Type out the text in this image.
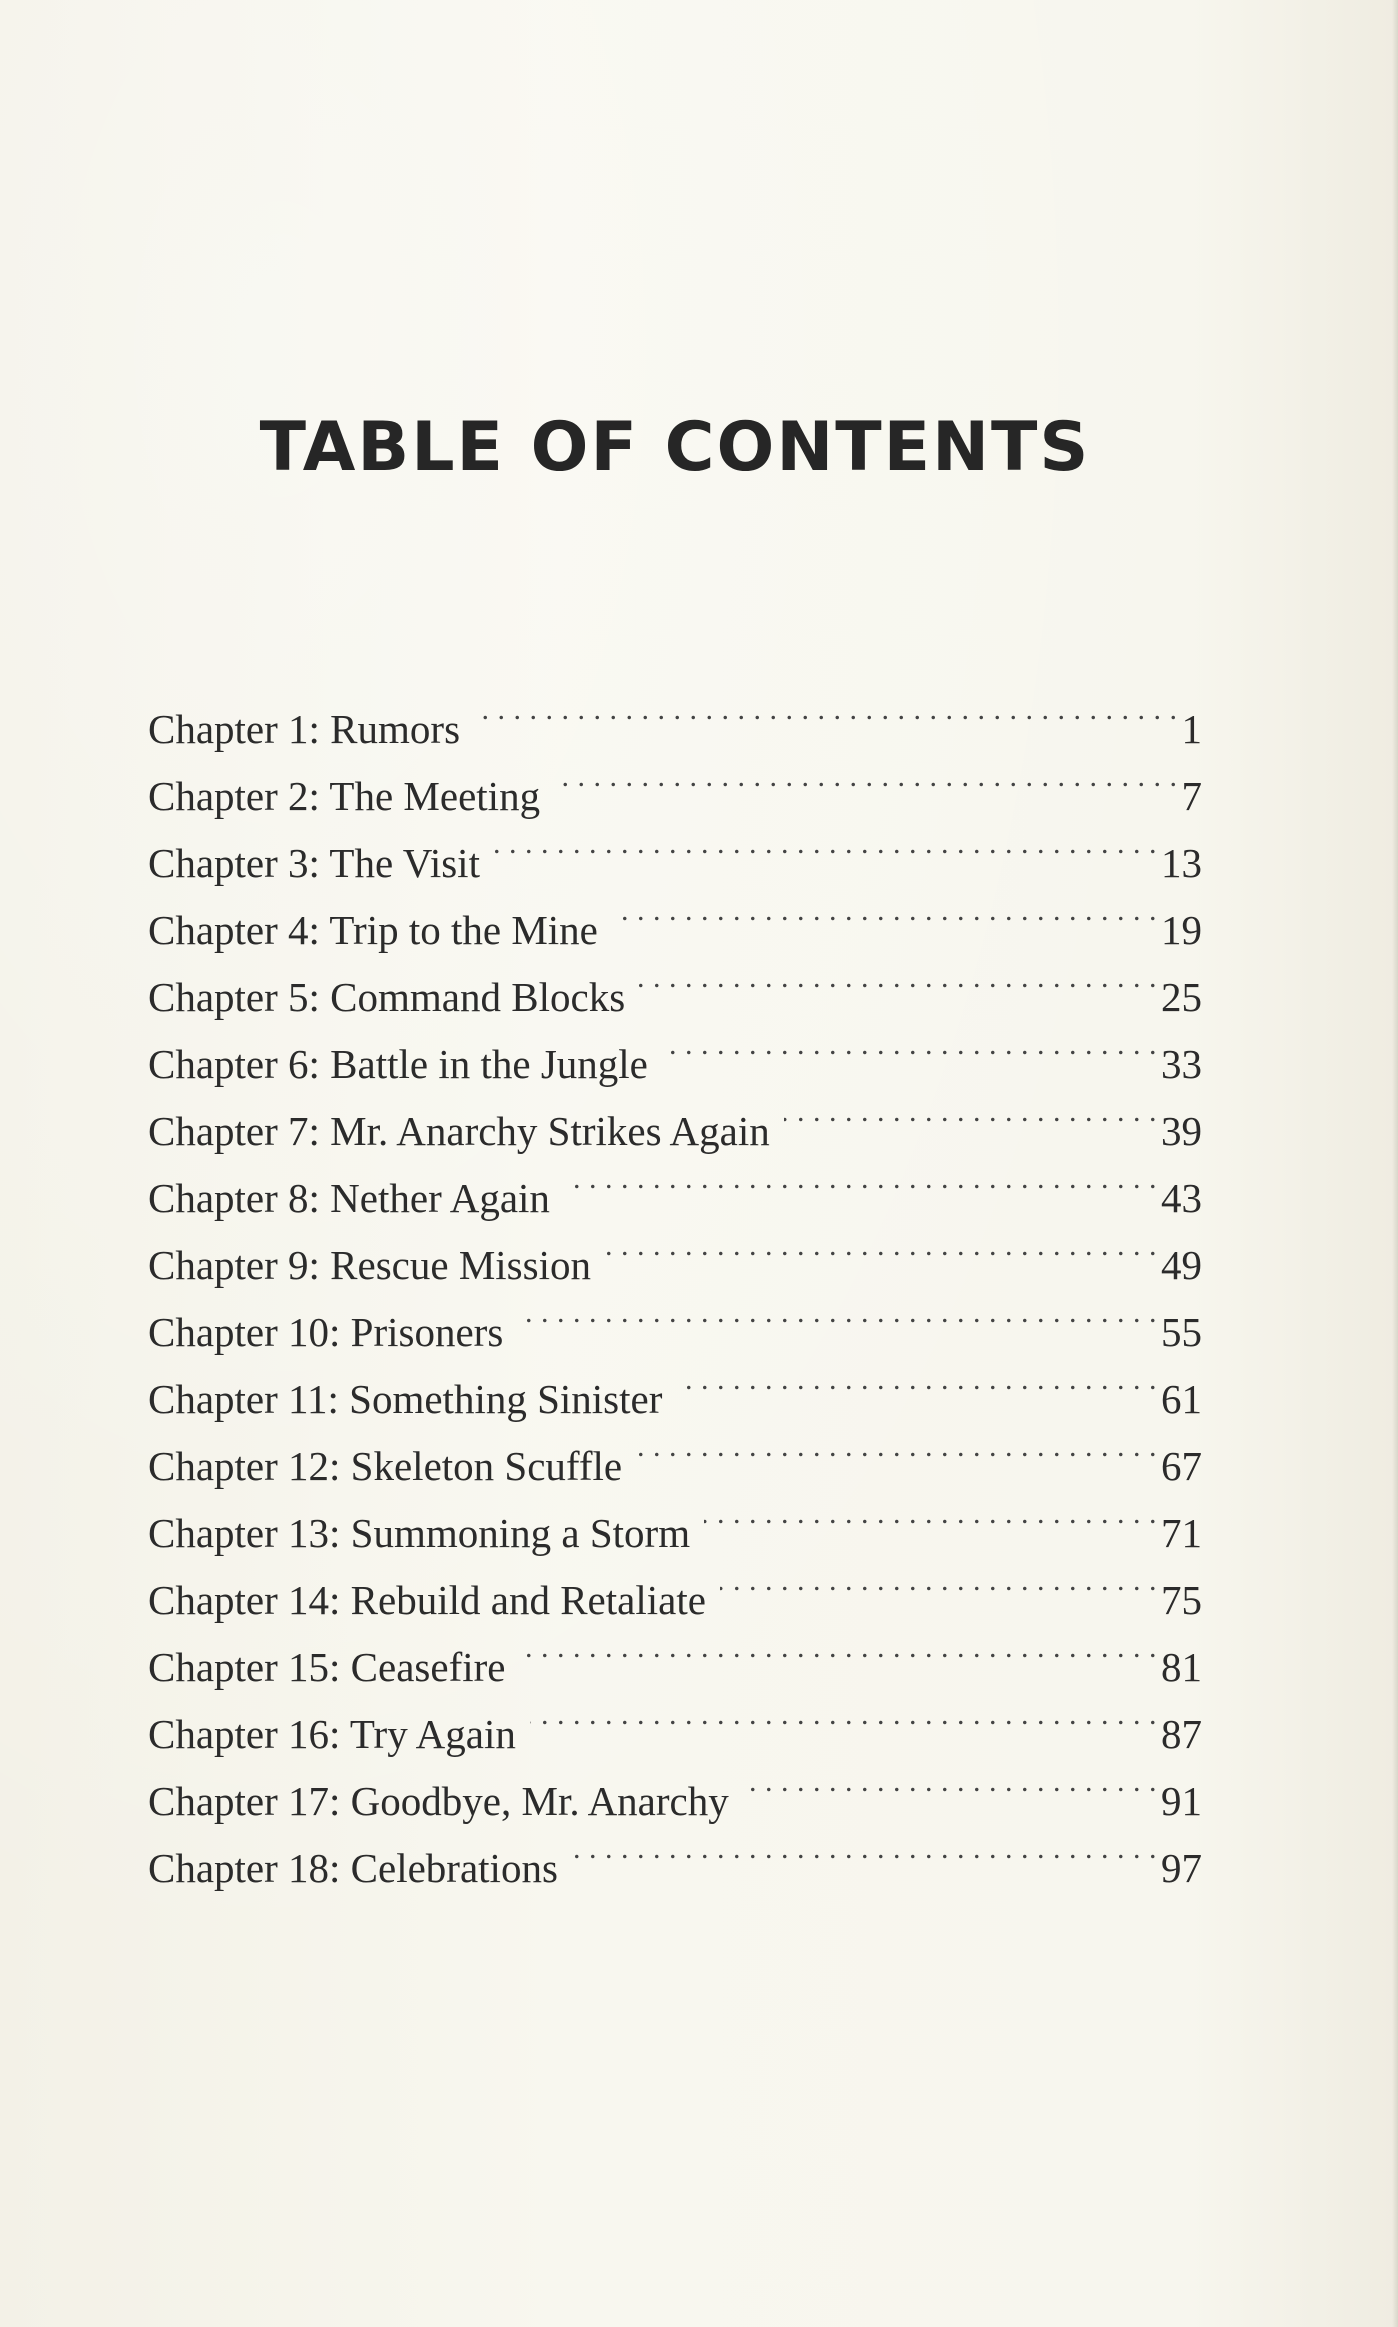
TABLE OF CONTENTS
Chapter 1: Rumors . . .	1
Chapter 2: The Meeting . . .	7
Chapter 3: The Visit . . .	13
Chapter 4: Trip to the Mine . . .	19
Chapter 5: Command Blocks . . .	25
Chapter 6: Battle in the Jungle . . .	33
Chapter 7: Mr. Anarchy Strikes Again . . .	39
Chapter 8: Nether Again . . .	43
Chapter 9: Rescue Mission . . .	49
Chapter 10: Prisoners . . .	55
Chapter 11: Something Sinister . . .	61
Chapter 12: Skeleton Scuffle . . .	67
Chapter 13: Summoning a Storm . . .	71
Chapter 14: Rebuild and Retaliate . . .	75
Chapter 15: Ceasefire . . .	81
Chapter 16: Try Again . . .	87
Chapter 17: Goodbye, Mr. Anarchy . . .	91
Chapter 18: Celebrations . . .	97
